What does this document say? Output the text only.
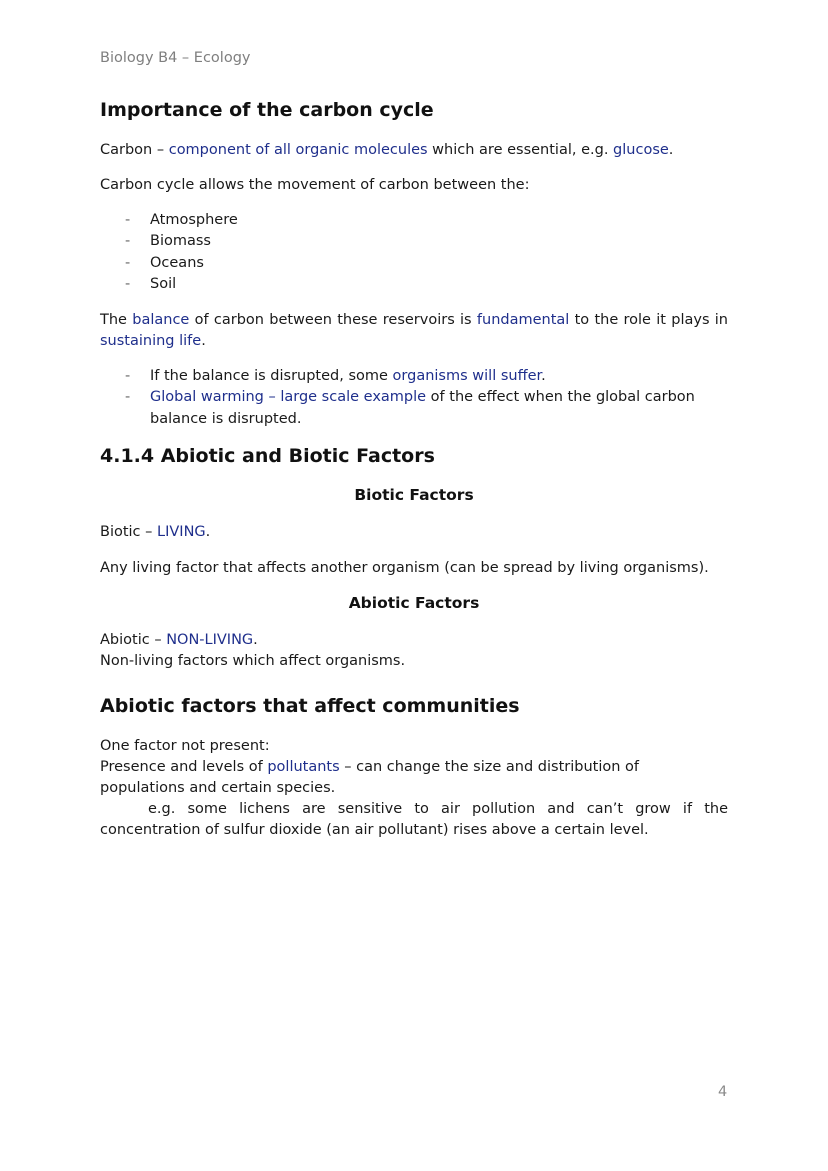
Biology B4 – Ecology
Importance of the carbon cycle
Carbon – component of all organic molecules which are essential, e.g. glucose.
Carbon cycle allows the movement of carbon between the:
- Atmosphere
- Biomass
- Oceans
- Soil
The balance of carbon between these reservoirs is fundamental to the role it plays in sustaining life.
- If the balance is disrupted, some organisms will suffer.
- Global warming – large scale example of the effect when the global carbon balance is disrupted.
4.1.4 Abiotic and Biotic Factors
Biotic Factors
Biotic – LIVING.
Any living factor that affects another organism (can be spread by living organisms).
Abiotic Factors
Abiotic – NON-LIVING.
Non-living factors which affect organisms.
Abiotic factors that affect communities
One factor not present:
Presence and levels of pollutants – can change the size and distribution of populations and certain species.
e.g. some lichens are sensitive to air pollution and can’t grow if the concentration of sulfur dioxide (an air pollutant) rises above a certain level.
4
